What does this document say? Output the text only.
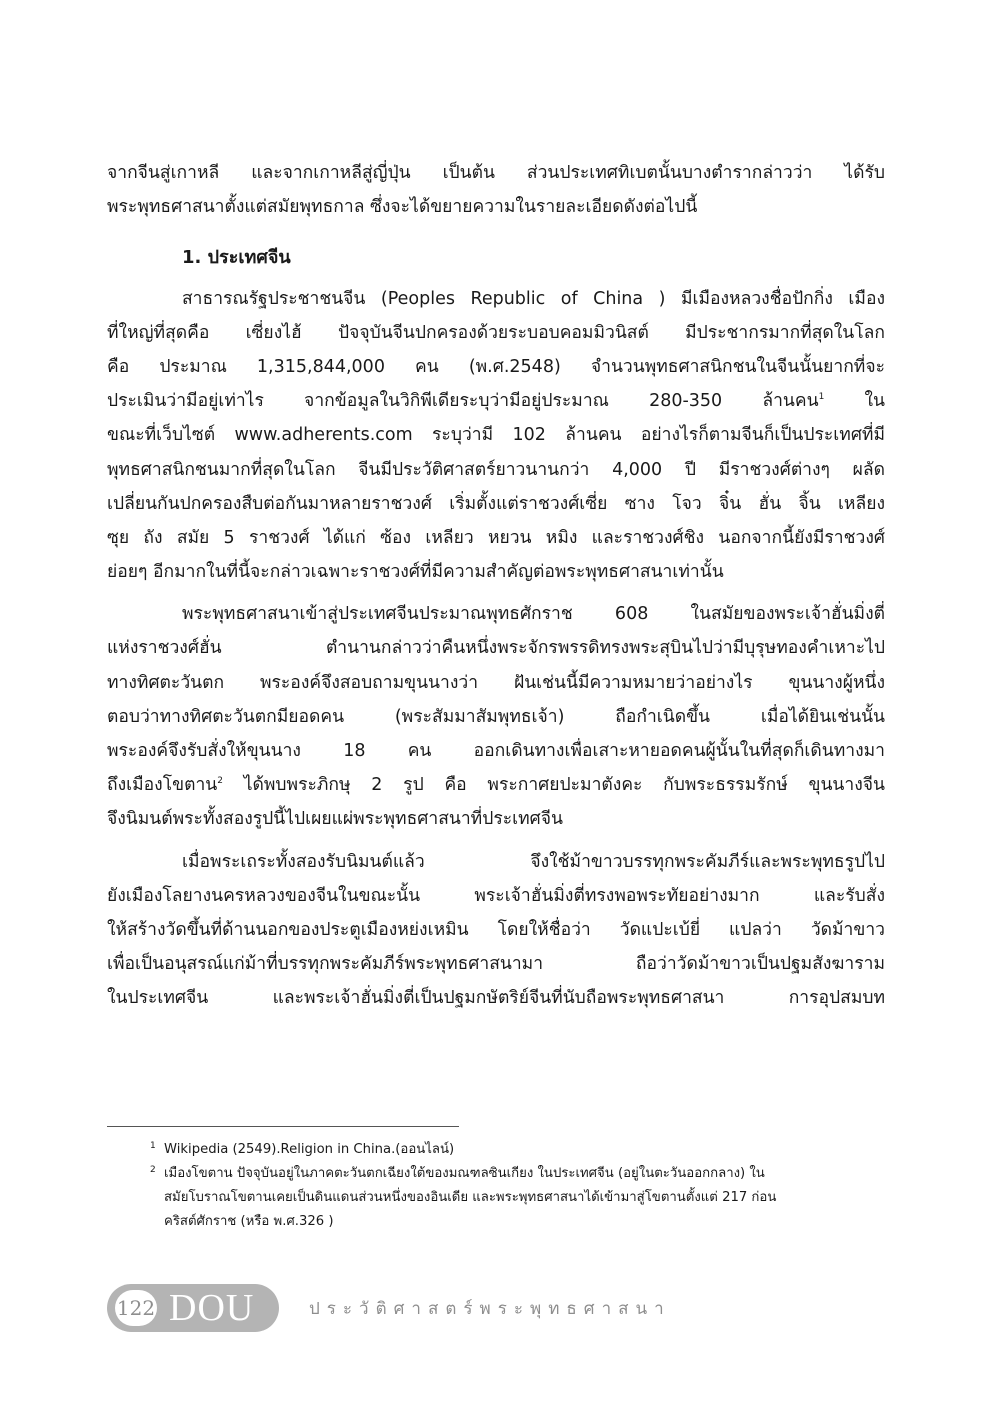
จากจีนสู่เกาหลี และจากเกาหลีสู่ญี่ปุ่น เป็นต้น ส่วนประเทศทิเบตนั้นบางตำรากล่าวว่า ได้รับ
พระพุทธศาสนาตั้งแต่สมัยพุทธกาล ซึ่งจะได้ขยายความในรายละเอียดดังต่อไปนี้
1. ประเทศจีน
สาธารณรัฐประชาชนจีน (Peoples Republic of China ) มีเมืองหลวงชื่อปักกิ่ง เมือง
ที่ใหญ่ที่สุดคือ เซี่ยงไฮ้ ปัจจุบันจีนปกครองด้วยระบอบคอมมิวนิสต์ มีประชากรมากที่สุดในโลก
คือ ประมาณ 1,315,844,000 คน (พ.ศ.2548) จำนวนพุทธศาสนิกชนในจีนนั้นยากที่จะ
ประเมินว่ามีอยู่เท่าไร จากข้อมูลในวิกิพีเดียระบุว่ามีอยู่ประมาณ 280-350 ล้านคน$^1$ ใน
ขณะที่เว็บไซต์ www.adherents.com ระบุว่ามี 102 ล้านคน อย่างไรก็ตามจีนก็เป็นประเทศที่มี
พุทธศาสนิกชนมากที่สุดในโลก จีนมีประวัติศาสตร์ยาวนานกว่า 4,000 ปี มีราชวงศ์ต่างๆ ผลัด
เปลี่ยนกันปกครองสืบต่อกันมาหลายราชวงศ์ เริ่มตั้งแต่ราชวงศ์เซี่ย ซาง โจว จิ๋น ฮั่น จิ้น เหลียง
ซุย ถัง สมัย 5 ราชวงศ์ ได้แก่ ซ้อง เหลียว หยวน หมิง และราชวงศ์ชิง นอกจากนี้ยังมีราชวงศ์
ย่อยๆ อีกมากในที่นี้จะกล่าวเฉพาะราชวงศ์ที่มีความสำคัญต่อพระพุทธศาสนาเท่านั้น
พระพุทธศาสนาเข้าสู่ประเทศจีนประมาณพุทธศักราช 608 ในสมัยของพระเจ้าฮั่นมิ่งตี่
แห่งราชวงศ์ฮั่น ตำนานกล่าวว่าคืนหนึ่งพระจักรพรรดิทรงพระสุบินไปว่ามีบุรุษทองคำเหาะไป
ทางทิศตะวันตก พระองค์จึงสอบถามขุนนางว่า ฝันเช่นนี้มีความหมายว่าอย่างไร ขุนนางผู้หนึ่ง
ตอบว่าทางทิศตะวันตกมียอดคน (พระสัมมาสัมพุทธเจ้า) ถือกำเนิดขึ้น เมื่อได้ยินเช่นนั้น
พระองค์จึงรับสั่งให้ขุนนาง 18 คน ออกเดินทางเพื่อเสาะหายอดคนผู้นั้นในที่สุดก็เดินทางมา
ถึงเมืองโขตาน$^2$ ได้พบพระภิกษุ 2 รูป คือ พระกาศยปะมาตังคะ กับพระธรรมรักษ์ ขุนนางจีน
จึงนิมนต์พระทั้งสองรูปนี้ไปเผยแผ่พระพุทธศาสนาที่ประเทศจีน
เมื่อพระเถระทั้งสองรับนิมนต์แล้ว จึงใช้ม้าขาวบรรทุกพระคัมภีร์และพระพุทธรูปไป
ยังเมืองโลยางนครหลวงของจีนในขณะนั้น พระเจ้าฮั่นมิ่งตี่ทรงพอพระทัยอย่างมาก และรับสั่ง
ให้สร้างวัดขึ้นที่ด้านนอกของประตูเมืองหย่งเหมิน โดยให้ชื่อว่า วัดแปะเบ้ยี่ แปลว่า วัดม้าขาว
เพื่อเป็นอนุสรณ์แก่ม้าที่บรรทุกพระคัมภีร์พระพุทธศาสนามา ถือว่าวัดม้าขาวเป็นปฐมสังฆาราม
ในประเทศจีน และพระเจ้าฮั่นมิ่งตี่เป็นปฐมกษัตริย์จีนที่นับถือพระพุทธศาสนา การอุปสมบท
1 Wikipedia (2549).Religion in China.(ออนไลน์)
2 เมืองโขตาน ปัจจุบันอยู่ในภาคตะวันตกเฉียงใต้ของมณฑลซินเกียง ในประเทศจีน (อยู่ในตะวันออกกลาง) ใน
สมัยโบราณโขตานเคยเป็นดินแดนส่วนหนึ่งของอินเดีย และพระพุทธศาสนาได้เข้ามาสู่โขตานตั้งแต่ 217 ก่อน
คริสต์ศักราช (หรือ พ.ศ.326 )
122 DOU	ประวัติศาสตร์พระพุทธศาสนา
